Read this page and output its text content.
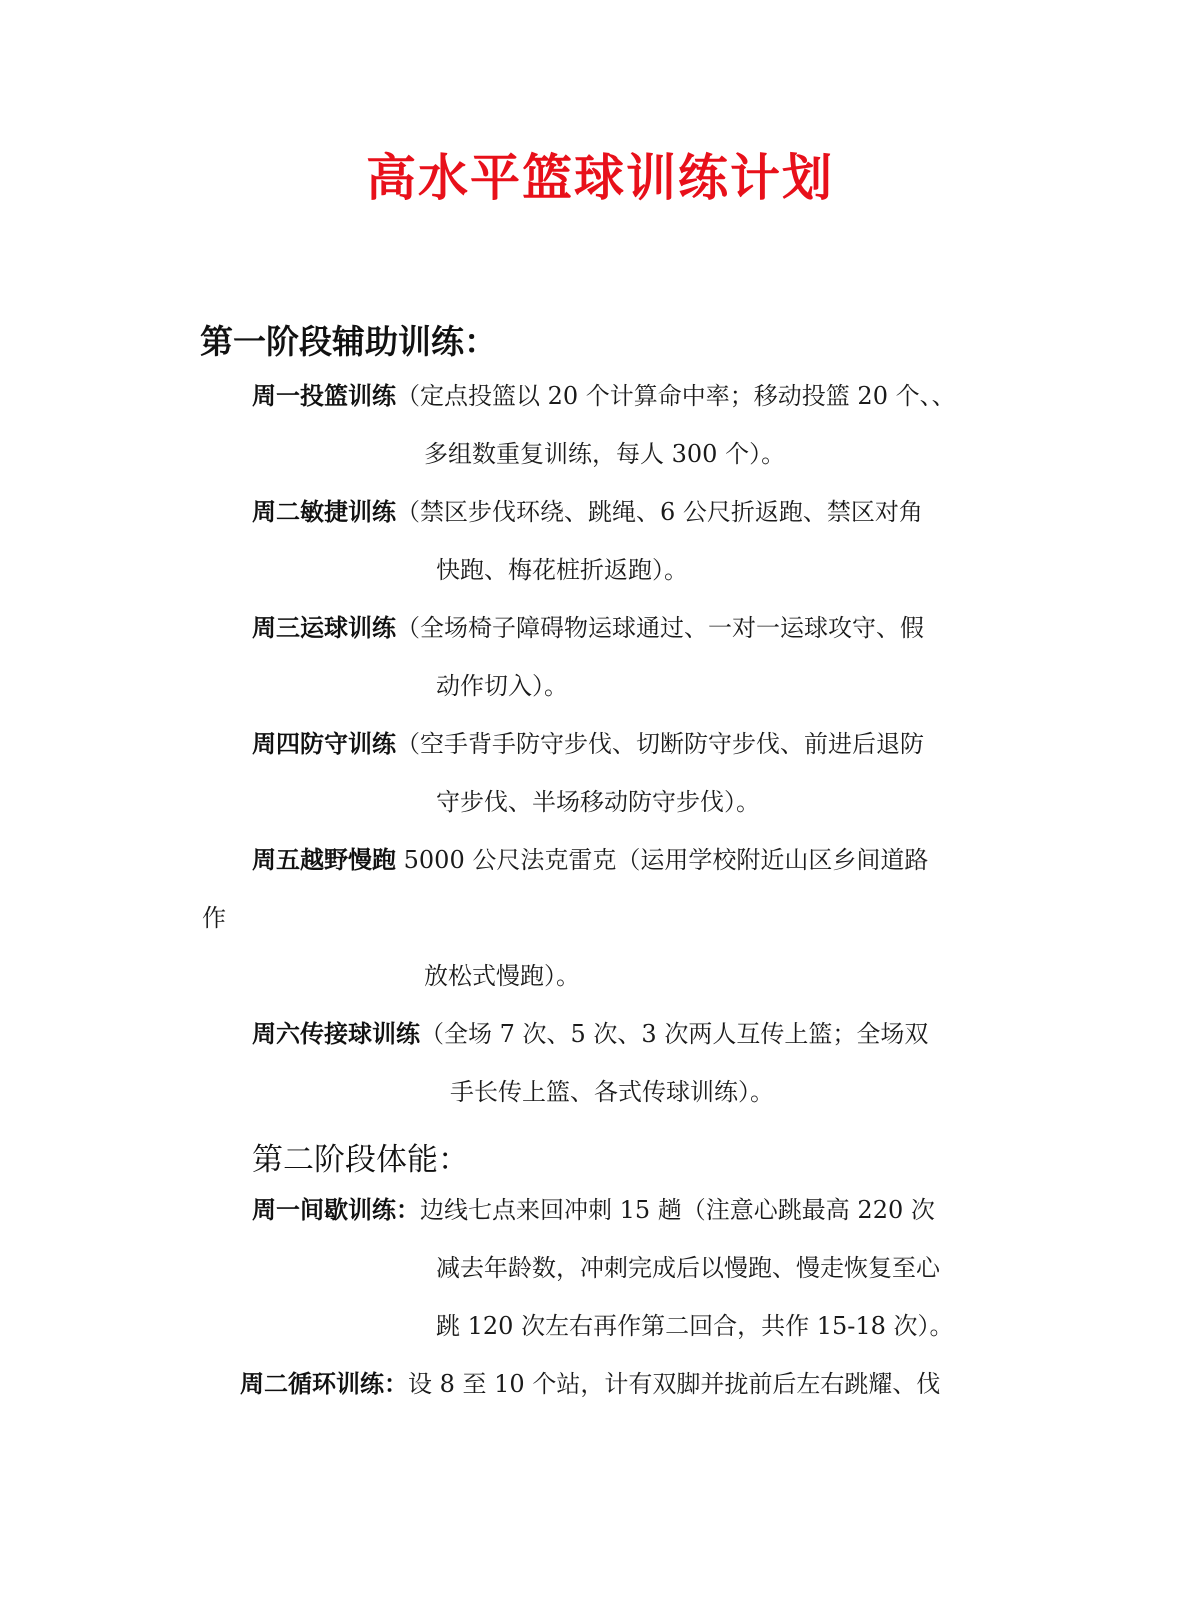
高水平篮球训练计划
第一阶段辅助训练：
周一投篮训练（定点投篮以 20 个计算命中率；移动投篮 20 个、、
多组数重复训练，每人 300 个）。
周二敏捷训练（禁区步伐环绕、跳绳、6 公尺折返跑、禁区对角
快跑、梅花桩折返跑）。
周三运球训练（全场椅子障碍物运球通过、一对一运球攻守、假
动作切入）。
周四防守训练（空手背手防守步伐、切断防守步伐、前进后退防
守步伐、半场移动防守步伐）。
周五越野慢跑 5000 公尺法克雷克（运用学校附近山区乡间道路
作
放松式慢跑）。
周六传接球训练（全场 7 次、5 次、3 次两人互传上篮；全场双
手长传上篮、各式传球训练）。
第二阶段体能：
周一间歇训练：边线七点来回冲刺 15 趟（注意心跳最高 220 次
减去年龄数，冲刺完成后以慢跑、慢走恢复至心
跳 120 次左右再作第二回合，共作 15-18 次）。
周二循环训练：设 8 至 10 个站，计有双脚并拢前后左右跳耀、伐
